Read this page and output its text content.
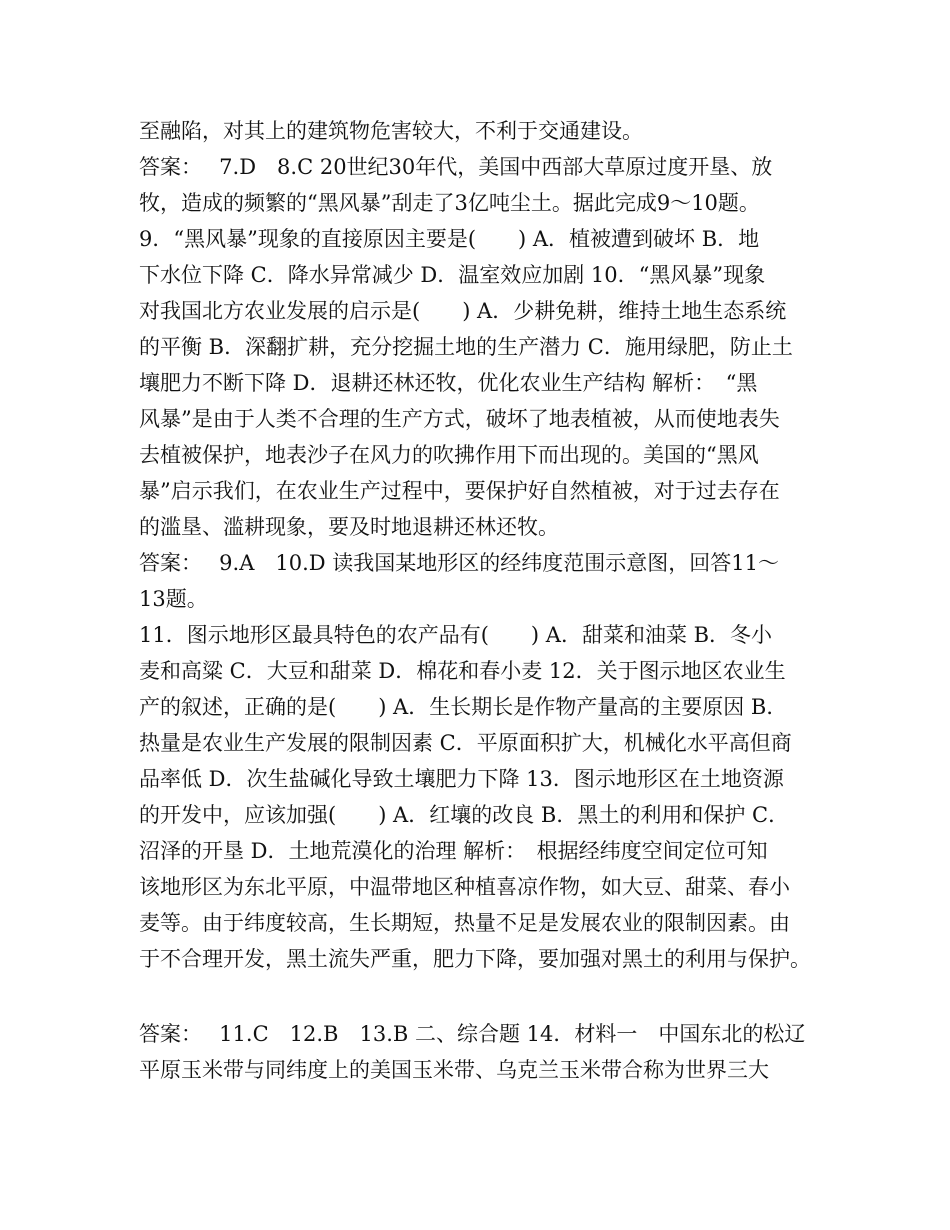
至融陷，对其上的建筑物危害较大，不利于交通建设。
答案：　 7.D　8.C 20世纪30年代，美国中西部大草原过度开垦、放
牧，造成的频繁的“黑风暴”刮走了3亿吨尘土。据此完成9～10题。
9．“黑风暴”现象的直接原因主要是(　　) A．植被遭到破坏 B．地
下水位下降 C．降水异常减少 D．温室效应加剧 10．“黑风暴”现象
对我国北方农业发展的启示是(　　) A．少耕免耕，维持土地生态系统
的平衡 B．深翻扩耕，充分挖掘土地的生产潜力 C．施用绿肥，防止土
壤肥力不断下降 D．退耕还林还牧，优化农业生产结构 解析：　“黑
风暴”是由于人类不合理的生产方式，破坏了地表植被，从而使地表失
去植被保护，地表沙子在风力的吹拂作用下而出现的。美国的“黑风
暴”启示我们，在农业生产过程中，要保护好自然植被，对于过去存在
的滥垦、滥耕现象，要及时地退耕还林还牧。
答案：　 9.A　10.D 读我国某地形区的经纬度范围示意图，回答11～
13题。
11．图示地形区最具特色的农产品有(　　) A．甜菜和油菜 B．冬小
麦和高粱 C．大豆和甜菜 D．棉花和春小麦 12．关于图示地区农业生
产的叙述，正确的是(　　) A．生长期长是作物产量高的主要原因 B．
热量是农业生产发展的限制因素 C．平原面积扩大，机械化水平高但商
品率低 D．次生盐碱化导致土壤肥力下降 13．图示地形区在土地资源
的开发中，应该加强(　　) A．红壤的改良 B．黑土的利用和保护 C．
沼泽的开垦 D．土地荒漠化的治理 解析：　根据经纬度空间定位可知
该地形区为东北平原，中温带地区种植喜凉作物，如大豆、甜菜、春小
麦等。由于纬度较高，生长期短，热量不足是发展农业的限制因素。由
于不合理开发，黑土流失严重，肥力下降，要加强对黑土的利用与保护。
答案：　 11.C　12.B　13.B 二、综合题 14．材料一　中国东北的松辽
平原玉米带与同纬度上的美国玉米带、乌克兰玉米带合称为世界三大
